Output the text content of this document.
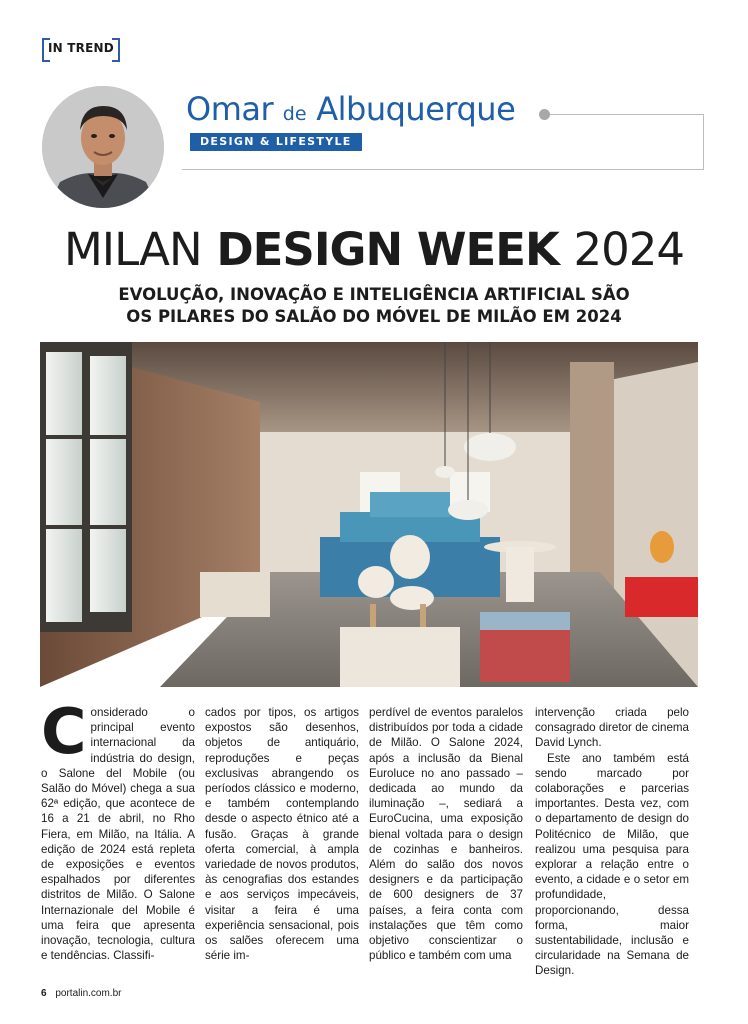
IN TREND
Omar de Albuquerque
DESIGN & LIFESTYLE
MILAN DESIGN WEEK 2024
EVOLUÇÃO, INOVAÇÃO E INTELIGÊNCIA ARTIFICIAL SÃO
OS PILARES DO SALÃO DO MÓVEL DE MILÃO EM 2024

Considerado o principal evento internacional da indústria do design, o Salone del Mobile (ou Salão do Móvel) chega a sua 62ª edição, que acontece de 16 a 21 de abril, no Rho Fiera, em Milão, na Itália. A edição de 2024 está repleta de exposições e eventos espalhados por diferentes distritos de Milão. O Salone Internazionale del Mobile é uma feira que apresenta inovação, tecnologia, cultura e tendências. Classifi-

cados por tipos, os artigos expostos são desenhos, objetos de antiquário, reproduções e peças exclusivas abrangendo os períodos clássico e moderno, e também contemplando desde o aspecto étnico até a fusão. Graças à grande oferta comercial, à ampla variedade de novos produtos, às cenografias dos estandes e aos serviços impecáveis, visitar a feira é uma experiência sensacional, pois os salões oferecem uma série im-

perdível de eventos paralelos distribuídos por toda a cidade de Milão. O Salone 2024, após a inclusão da Bienal Euroluce no ano passado – dedicada ao mundo da iluminação –, sediará a EuroCucina, uma exposição bienal voltada para o design de cozinhas e banheiros. Além do salão dos novos designers e da participação de 600 designers de 37 países, a feira conta com instalações que têm como objetivo conscientizar o público e também com uma

intervenção criada pelo consagrado diretor de cinema David Lynch.

Este ano também está sendo marcado por colaborações e parcerias importantes. Desta vez, com o departamento de design do Politécnico de Milão, que realizou uma pesquisa para explorar a relação entre o evento, a cidade e o setor em profundidade, proporcionando, dessa forma, maior sustentabilidade, inclusão e circularidade na Semana de Design.

6 portalin.com.br
